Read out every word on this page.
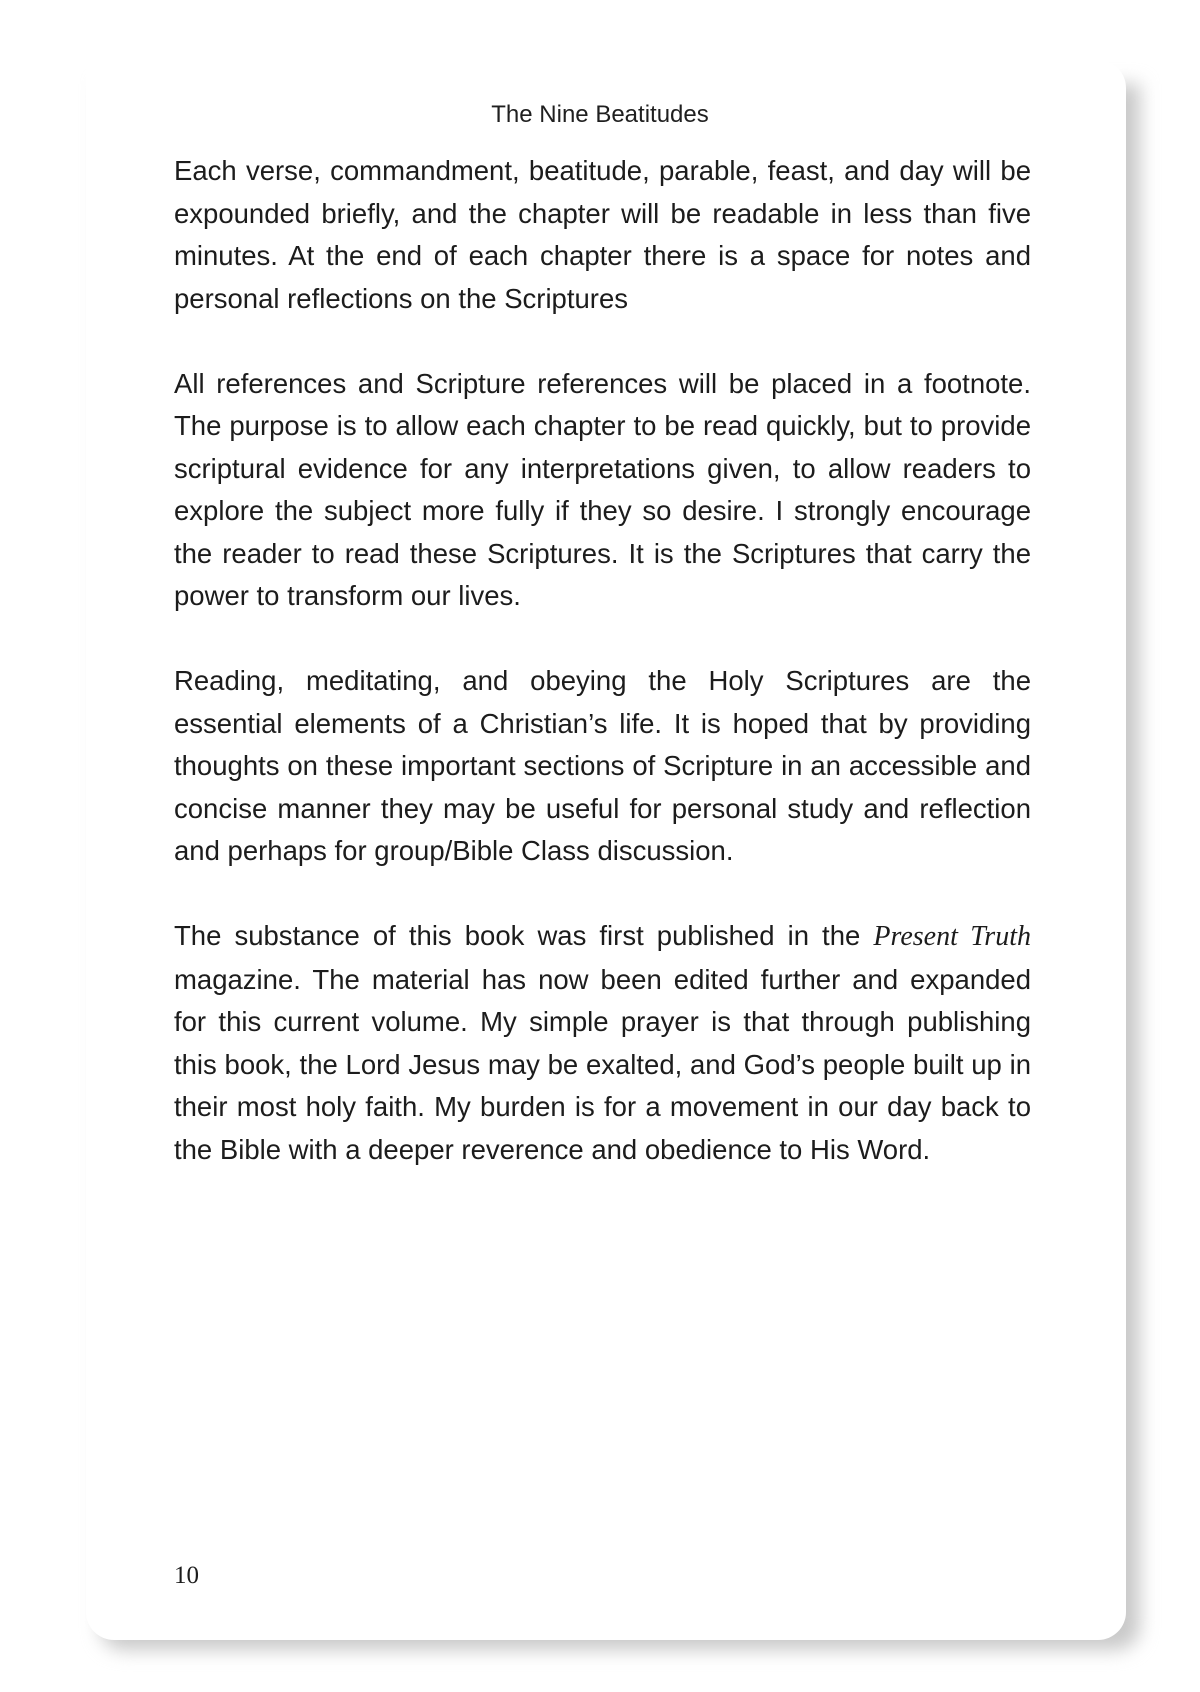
The Nine Beatitudes

Each verse, commandment, beatitude, parable, feast, and day will be expounded briefly, and the chapter will be readable in less than five minutes. At the end of each chapter there is a space for notes and personal reflections on the Scriptures

All references and Scripture references will be placed in a footnote. The purpose is to allow each chapter to be read quickly, but to provide scriptural evidence for any interpretations given, to allow readers to explore the subject more fully if they so desire. I strongly encourage the reader to read these Scriptures. It is the Scriptures that carry the power to transform our lives.

Reading, meditating, and obeying the Holy Scriptures are the essential elements of a Christian’s life. It is hoped that by providing thoughts on these important sections of Scripture in an accessible and concise manner they may be useful for personal study and reflection and perhaps for group/Bible Class discussion.

The substance of this book was first published in the Present Truth magazine. The material has now been edited further and expanded for this current volume. My simple prayer is that through publishing this book, the Lord Jesus may be exalted, and God’s people built up in their most holy faith. My burden is for a movement in our day back to the Bible with a deeper reverence and obedience to His Word.

10
